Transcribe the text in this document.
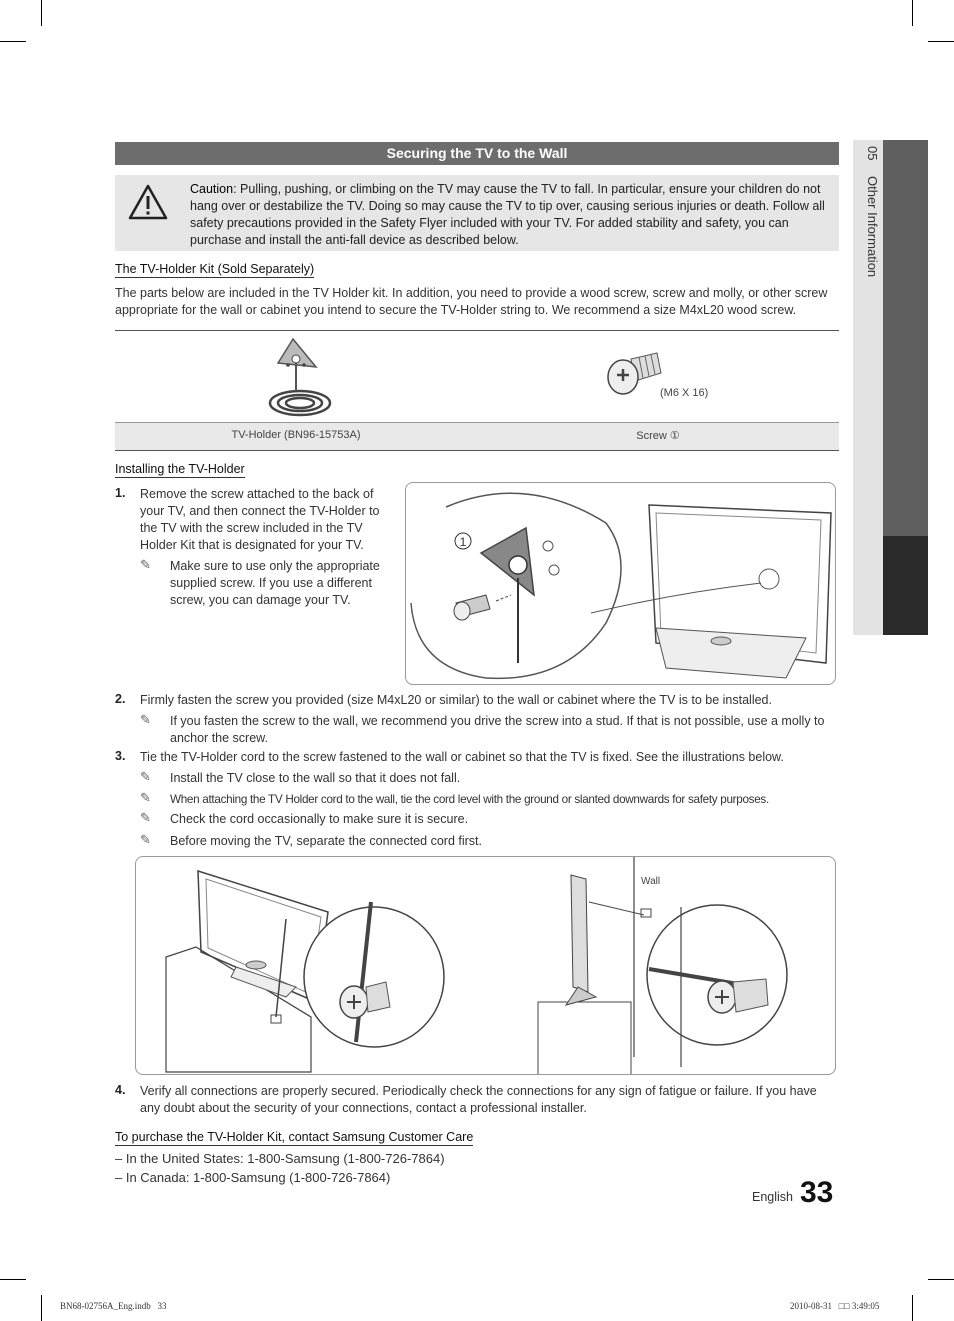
05 Other Information
Securing the TV to the Wall
Caution: Pulling, pushing, or climbing on the TV may cause the TV to fall. In particular, ensure your children do not hang over or destabilize the TV. Doing so may cause the TV to tip over, causing serious injuries or death. Follow all safety precautions provided in the Safety Flyer included with your TV. For added stability and safety, you can purchase and install the anti-fall device as described below.
The TV-Holder Kit (Sold Separately)
The parts below are included in the TV Holder kit. In addition, you need to provide a wood screw, screw and molly, or other screw appropriate for the wall or cabinet you intend to secure the TV-Holder string to. We recommend a size M4xL20 wood screw.
(M6 X 16)
TV-Holder (BN96-15753A)	Screw ①
Installing the TV-Holder
1. Remove the screw attached to the back of your TV, and then connect the TV-Holder to the TV with the screw included in the TV Holder Kit that is designated for your TV.
✎ Make sure to use only the appropriate supplied screw. If you use a different screw, you can damage your TV.
1
2. Firmly fasten the screw you provided (size M4xL20 or similar) to the wall or cabinet where the TV is to be installed.
✎ If you fasten the screw to the wall, we recommend you drive the screw into a stud. If that is not possible, use a molly to anchor the screw.
3. Tie the TV-Holder cord to the screw fastened to the wall or cabinet so that the TV is fixed. See the illustrations below.
✎ Install the TV close to the wall so that it does not fall.
✎ When attaching the TV Holder cord to the wall, tie the cord level with the ground or slanted downwards for safety purposes.
✎ Check the cord occasionally to make sure it is secure.
✎ Before moving the TV, separate the connected cord first.
Wall
4. Verify all connections are properly secured. Periodically check the connections for any sign of fatigue or failure. If you have any doubt about the security of your connections, contact a professional installer.
To purchase the TV-Holder Kit, contact Samsung Customer Care
– In the United States: 1-800-Samsung (1-800-726-7864)
– In Canada: 1-800-Samsung (1-800-726-7864)
English 33
BN68-02756A_Eng.indb   33	2010-08-31   □□ 3:49:05
